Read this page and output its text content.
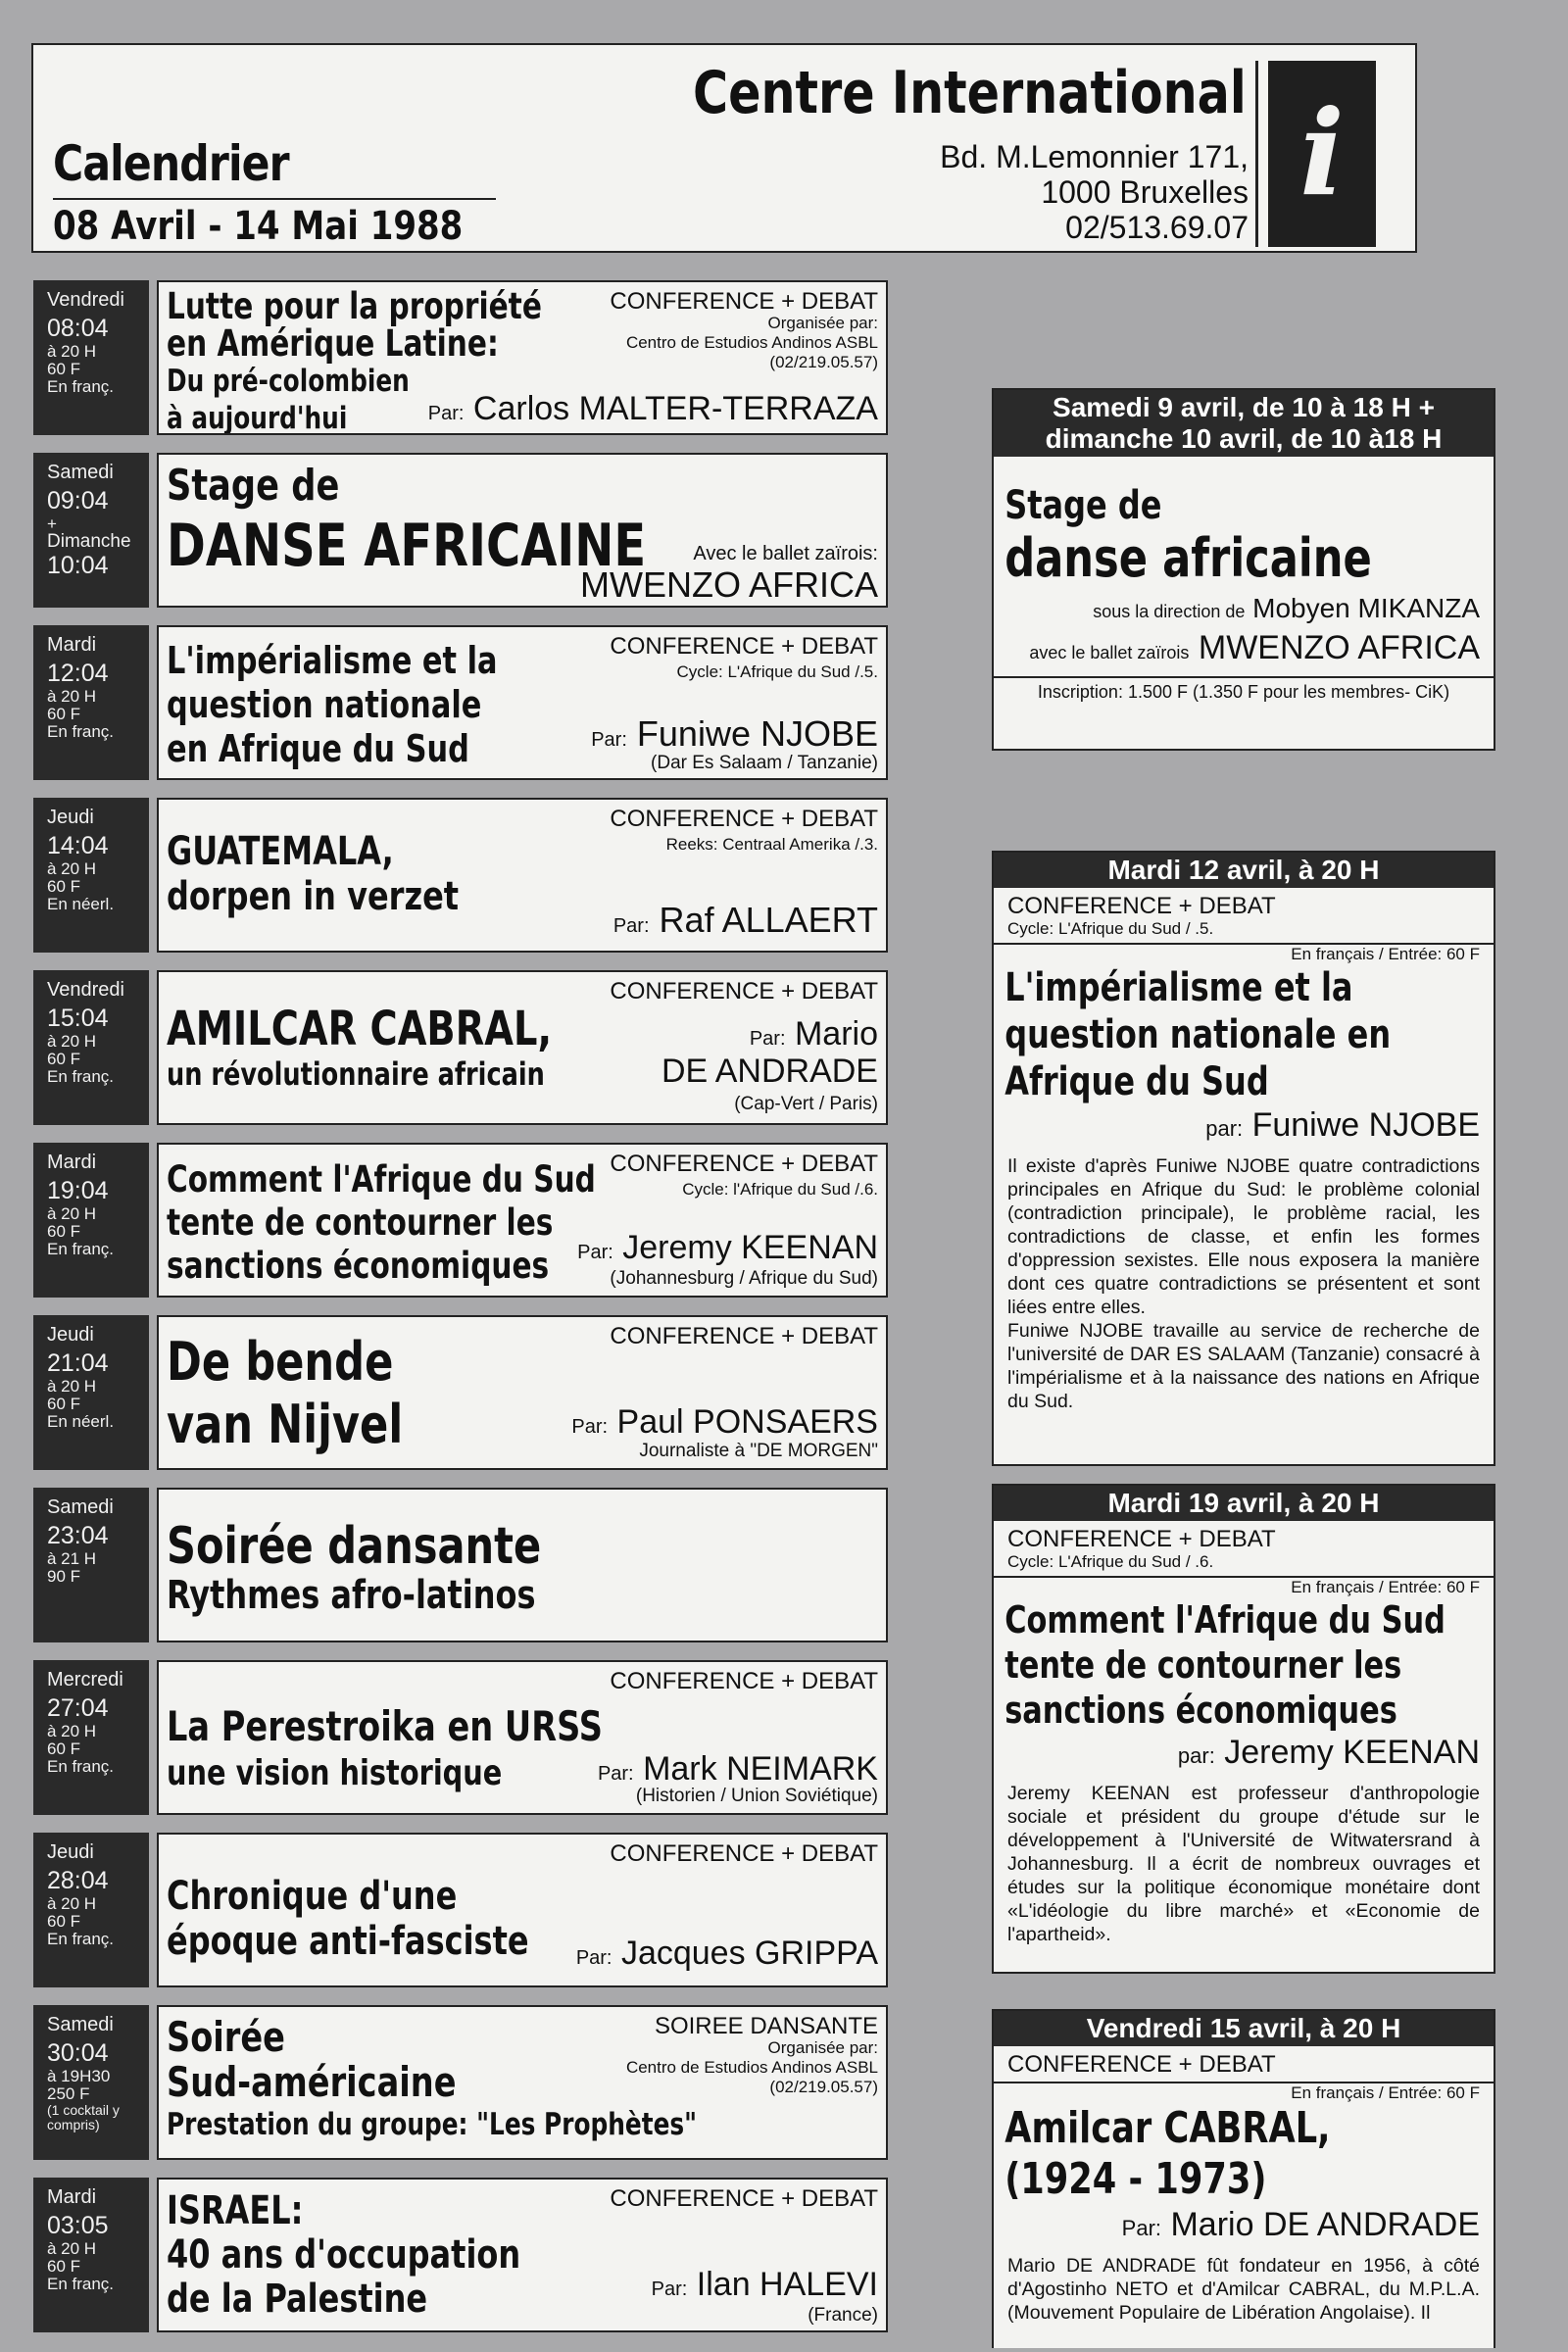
Calendrier
08 Avril - 14 Mai 1988
Centre International
Bd. M.Lemonnier 171,
1000 Bruxelles
02/513.69.07
i
Vendredi
08:04
à 20 H
60 F
En franç.
Lutte pour la propriété
en Amérique Latine:
Du pré-colombien
à aujourd'hui
CONFERENCE + DEBAT
Organisée par:
Centro de Estudios Andinos ASBL
(02/219.05.57)
Par: Carlos MALTER-TERRAZA
Samedi
09:04
+
Dimanche
10:04
Stage de
DANSE AFRICAINE Avec le ballet zaïrois:
MWENZO AFRICA
Mardi
12:04
à 20 H
60 F
En franç.
L'impérialisme et la
question nationale
en Afrique du Sud
CONFERENCE + DEBAT
Cycle: L'Afrique du Sud /.5.
Par: Funiwe NJOBE
(Dar Es Salaam / Tanzanie)
Jeudi
14:04
à 20 H
60 F
En néerl.
GUATEMALA,
dorpen in verzet
CONFERENCE + DEBAT
Reeks: Centraal Amerika /.3.
Par: Raf ALLAERT
Vendredi
15:04
à 20 H
60 F
En franç.
AMILCAR CABRAL,
un révolutionnaire africain
CONFERENCE + DEBAT
Par: Mario
DE ANDRADE
(Cap-Vert / Paris)
Mardi
19:04
à 20 H
60 F
En franç.
Comment l'Afrique du Sud
tente de contourner les
sanctions économiques
CONFERENCE + DEBAT
Cycle: l'Afrique du Sud /.6.
Par: Jeremy KEENAN
(Johannesburg / Afrique du Sud)
Jeudi
21:04
à 20 H
60 F
En néerl.
De bende
van Nijvel
CONFERENCE + DEBAT
Par: Paul PONSAERS
Journaliste à "DE MORGEN"
Samedi
23:04
à 21 H
90 F
Soirée dansante
Rythmes afro-latinos
Mercredi
27:04
à 20 H
60 F
En franç.
La Perestroika en URSS
une vision historique
CONFERENCE + DEBAT
Par: Mark NEIMARK
(Historien / Union Soviétique)
Jeudi
28:04
à 20 H
60 F
En franç.
Chronique d'une
époque anti-fasciste
CONFERENCE + DEBAT
Par: Jacques GRIPPA
Samedi
30:04
à 19H30
250 F
(1 cocktail y
compris)
Soirée
Sud-américaine
Prestation du groupe: "Les Prophètes"
SOIREE DANSANTE
Organisée par:
Centro de Estudios Andinos ASBL
(02/219.05.57)
Mardi
03:05
à 20 H
60 F
En franç.
ISRAEL:
40 ans d'occupation
de la Palestine
CONFERENCE + DEBAT
Par: Ilan HALEVI
(France)
Samedi 9 avril, de 10 à 18 H +
dimanche 10 avril, de 10 à18 H
Stage de
danse africaine
sous la direction de Mobyen MIKANZA
avec le ballet zaïrois MWENZO AFRICA
Inscription: 1.500 F (1.350 F pour les membres- CiK)
Mardi 12 avril, à 20 H
CONFERENCE + DEBAT
Cycle: L'Afrique du Sud / .5.
En français / Entrée: 60 F
L'impérialisme et la
question nationale en
Afrique du Sud
par: Funiwe NJOBE
Il existe d'après Funiwe NJOBE quatre contradictions principales en Afrique du Sud: le problème colonial (contradiction principale), le problème racial, les contradictions de classe, et enfin les formes d'oppression sexistes. Elle nous exposera la manière dont ces quatre contradictions se présentent et sont liées entre elles.
Funiwe NJOBE travaille au service de recherche de l'université de DAR ES SALAAM (Tanzanie) consacré à l'impérialisme et à la naissance des nations en Afrique du Sud.
Mardi 19 avril, à 20 H
CONFERENCE + DEBAT
Cycle: L'Afrique du Sud / .6.
En français / Entrée: 60 F
Comment l'Afrique du Sud
tente de contourner les
sanctions économiques
par: Jeremy KEENAN
Jeremy KEENAN est professeur d'anthropologie sociale et président du groupe d'étude sur le développement à l'Université de Witwatersrand à Johannesburg. Il a écrit de nombreux ouvrages et études sur la politique économique monétaire dont «L'idéologie du libre marché» et «Economie de l'apartheid».
Vendredi 15 avril, à 20 H
CONFERENCE + DEBAT
En français / Entrée: 60 F
Amilcar CABRAL,
(1924 - 1973)
Par: Mario DE ANDRADE
Mario DE ANDRADE fût fondateur en 1956, à côté d'Agostinho NETO et d'Amilcar CABRAL, du M.P.L.A. (Mouvement Populaire de Libération Angolaise). Il
